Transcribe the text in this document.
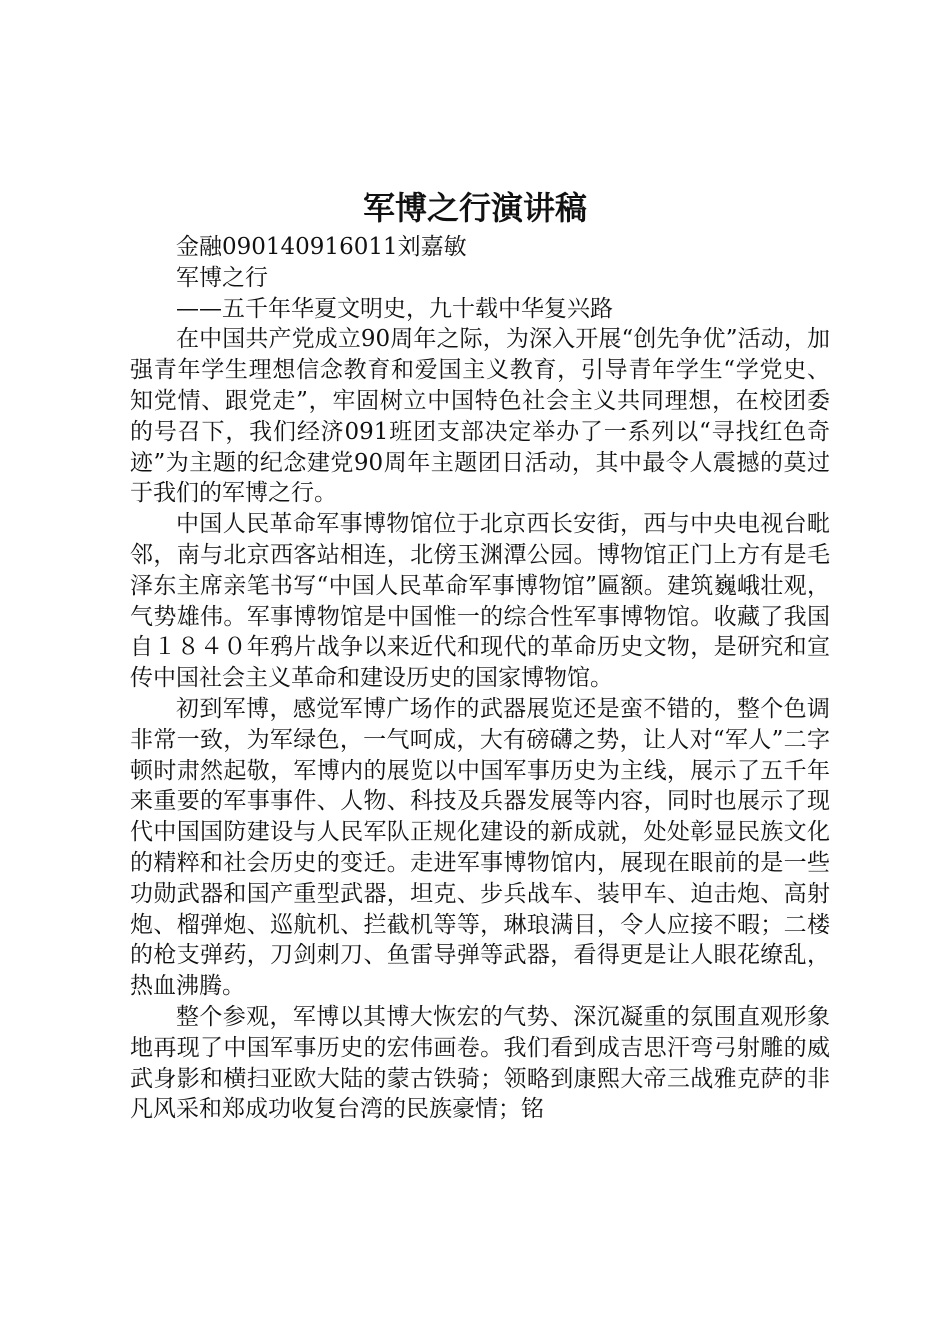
军博之行演讲稿

金融090140916011刘嘉敏

军博之行

——五千年华夏文明史，九十载中华复兴路

在中国共产党成立90周年之际，为深入开展“创先争优”活动，加强青年学生理想信念教育和爱国主义教育，引导青年学生“学党史、知党情、跟党走”，牢固树立中国特色社会主义共同理想，在校团委的号召下，我们经济091班团支部决定举办了一系列以“寻找红色奇迹”为主题的纪念建党90周年主题团日活动，其中最令人震撼的莫过于我们的军博之行。

中国人民革命军事博物馆位于北京西长安街，西与中央电视台毗邻，南与北京西客站相连，北傍玉渊潭公园。博物馆正门上方有是毛泽东主席亲笔书写“中国人民革命军事博物馆”匾额。建筑巍峨壮观，气势雄伟。军事博物馆是中国惟一的综合性军事博物馆。收藏了我国自１８４０年鸦片战争以来近代和现代的革命历史文物，是研究和宣传中国社会主义革命和建设历史的国家博物馆。

初到军博，感觉军博广场作的武器展览还是蛮不错的，整个色调非常一致，为军绿色，一气呵成，大有磅礴之势，让人对“军人”二字顿时肃然起敬，军博内的展览以中国军事历史为主线，展示了五千年来重要的军事事件、人物、科技及兵器发展等内容，同时也展示了现代中国国防建设与人民军队正规化建设的新成就，处处彰显民族文化的精粹和社会历史的变迁。走进军事博物馆内，展现在眼前的是一些功勋武器和国产重型武器，坦克、步兵战车、装甲车、迫击炮、高射炮、榴弹炮、巡航机、拦截机等等，琳琅满目，令人应接不暇；二楼的枪支弹药，刀剑刺刀、鱼雷导弹等武器，看得更是让人眼花缭乱，热血沸腾。

整个参观，军博以其博大恢宏的气势、深沉凝重的氛围直观形象地再现了中国军事历史的宏伟画卷。我们看到成吉思汗弯弓射雕的威武身影和横扫亚欧大陆的蒙古铁骑；领略到康熙大帝三战雅克萨的非凡风采和郑成功收复台湾的民族豪情；铭
